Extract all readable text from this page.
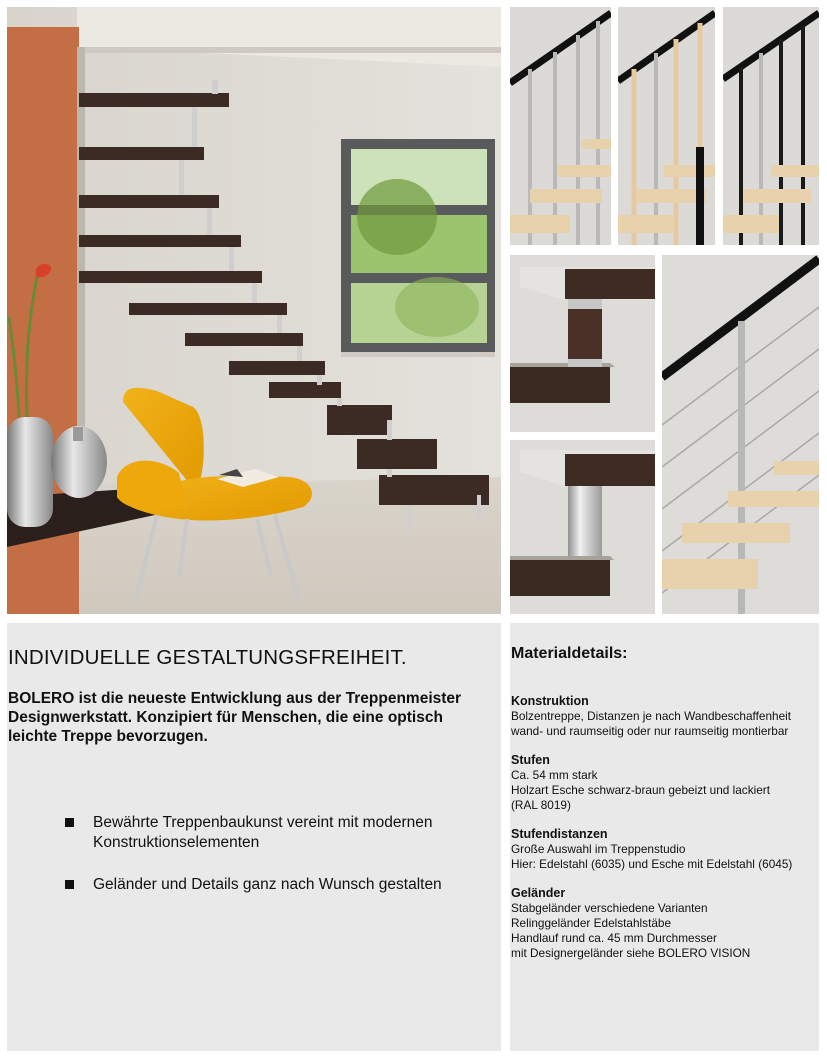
INDIVIDUELLE GESTALTUNGSFREIHEIT.
BOLERO ist die neueste Entwicklung aus der Treppenmeister Designwerkstatt. Konzipiert für Menschen, die eine optisch leichte Treppe bevorzugen.
Bewährte Treppenbaukunst vereint mit modernen Konstruktionselementen
Geländer und Details ganz nach Wunsch gestalten
Materialdetails:
Konstruktion
Bolzentreppe, Distanzen je nach Wandbeschaffenheit
wand- und raumseitig oder nur raumseitig montierbar
Stufen
Ca. 54 mm stark
Holzart Esche schwarz-braun gebeizt und lackiert
(RAL 8019)
Stufendistanzen
Große Auswahl im Treppenstudio
Hier: Edelstahl (6035) und Esche mit Edelstahl (6045)
Geländer
Stabgeländer verschiedene Varianten
Relinggeländer Edelstahlstäbe
Handlauf rund ca. 45 mm Durchmesser
mit Designergeländer siehe BOLERO VISION
